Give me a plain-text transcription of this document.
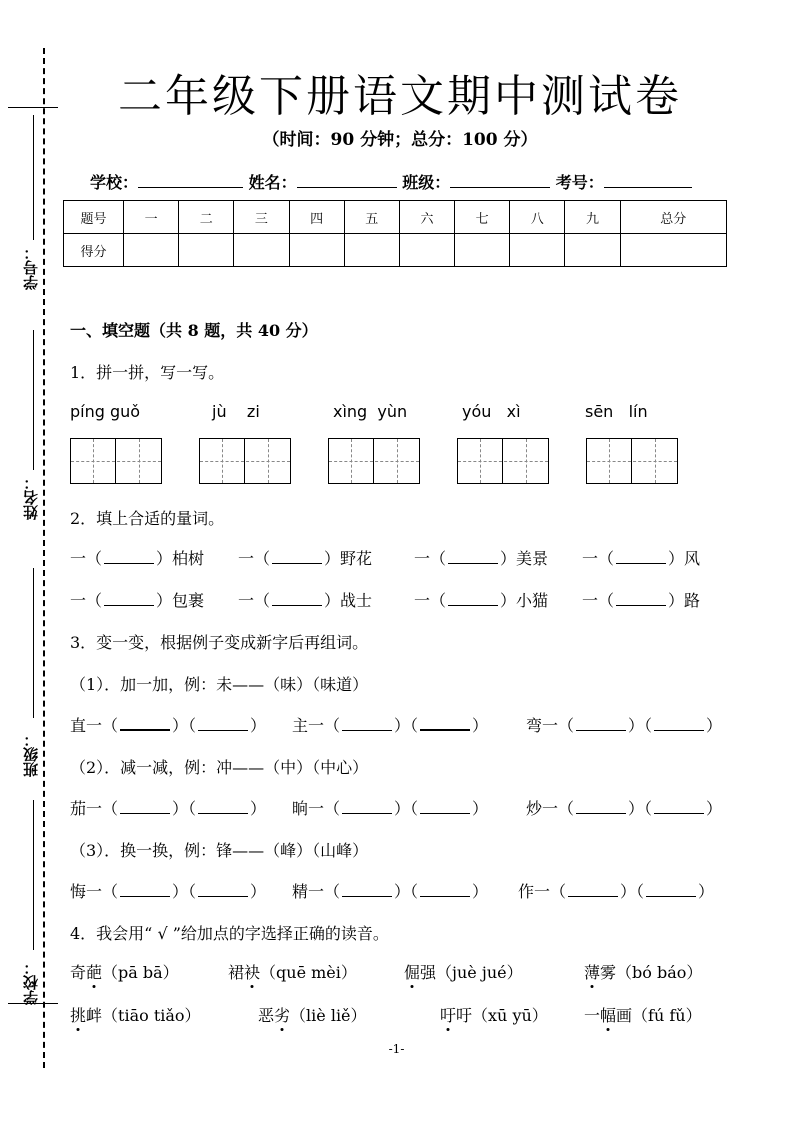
学号：
姓名：
班级：
学校：
二年级下册语文期中测试卷
（时间：90 分钟；总分：100 分）
学校：	姓名：	班级：	考号：
题号	一	二	三	四	五	六	七	八	九	总分
得分										
一、填空题（共 8 题，共 40 分）
1．拼一拼，写一写。
píng guǒ	jù    zi	xìng  yùn	yóu   xì	sēn   lín
2．填上合适的量词。
一（	）柏树 一（	）野花	一（	）美景 一（	）风
一（	）包裹 一（	）战士	一（	）小猫 一（	）路
3．变一变，根据例子变成新字后再组词。
（1）．加一加，例：未——（味）（味道）
直一（	）（	） 主一（	）（	） 弯一（	）（	）
（2）．减一减，例：冲——（中）（中心）
茄一（	）（	） 晌一（	）（	） 炒一（	）（	）
（3）．换一换，例：锋——（峰）（山峰）
悔一（	）（	） 精一（	）（	） 作一（	）（	）
4．我会用“ √ ”给加点的字选择正确的读音。
奇葩（pā bā）	裙袂（quē mèi）	倔强（juè jué）	薄雾（bó báo）
挑衅（tiāo tiǎo）	恶劣（liè liě）	吁吁（xū yū） 一幅画（fú fǔ）
-1-
